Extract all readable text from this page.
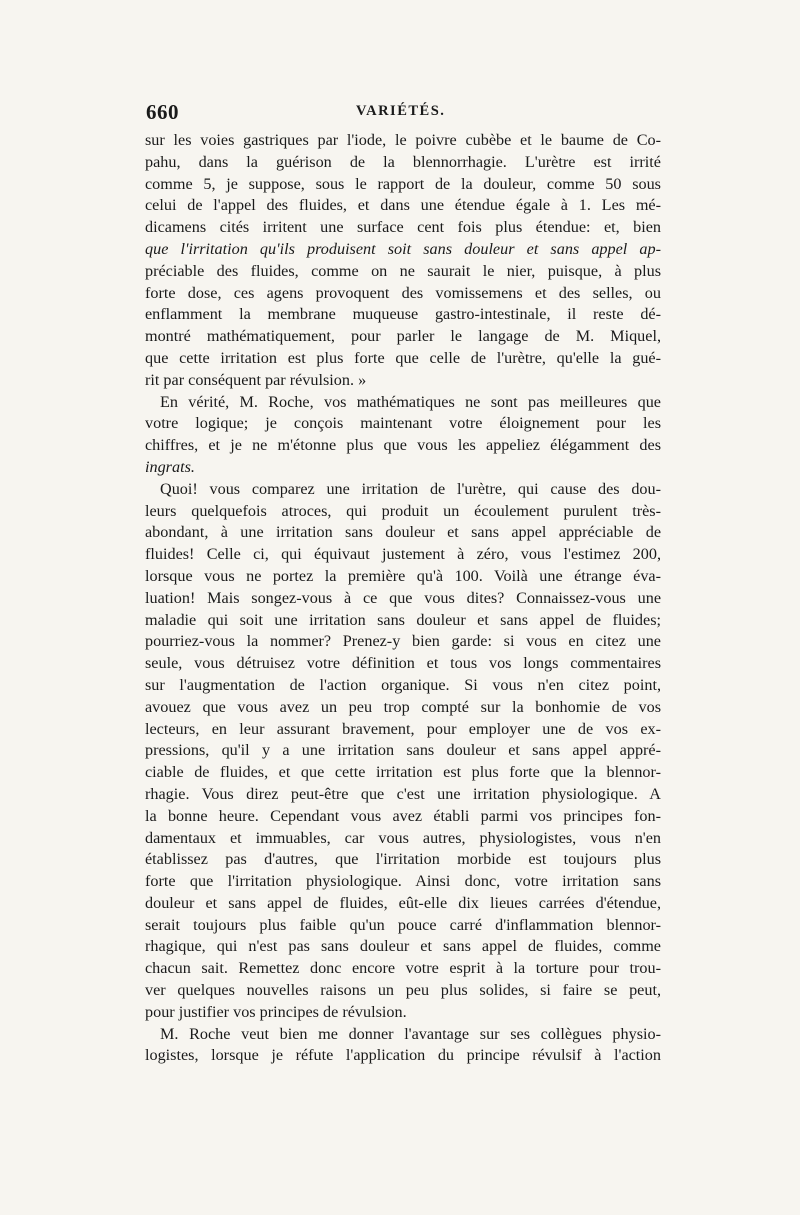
660	VARIÉTÉS.
sur les voies gastriques par l'iode, le poivre cubèbe et le baume de Co-
pahu, dans la guérison de la blennorrhagie. L'urètre est irrité
comme 5, je suppose, sous le rapport de la douleur, comme 50 sous
celui de l'appel des fluides, et dans une étendue égale à 1. Les mé-
dicamens cités irritent une surface cent fois plus étendue: et, bien
que l'irritation qu'ils produisent soit sans douleur et sans appel ap-
préciable des fluides, comme on ne saurait le nier, puisque, à plus
forte dose, ces agens provoquent des vomissemens et des selles, ou
enflamment la membrane muqueuse gastro-intestinale, il reste dé-
montré mathématiquement, pour parler le langage de M. Miquel,
que cette irritation est plus forte que celle de l'urètre, qu'elle la gué-
rit par conséquent par révulsion. »
En vérité, M. Roche, vos mathématiques ne sont pas meilleures que
votre logique; je conçois maintenant votre éloignement pour les
chiffres, et je ne m'étonne plus que vous les appeliez élégamment des
ingrats.
Quoi! vous comparez une irritation de l'urètre, qui cause des dou-
leurs quelquefois atroces, qui produit un écoulement purulent très-
abondant, à une irritation sans douleur et sans appel appréciable de
fluides! Celle ci, qui équivaut justement à zéro, vous l'estimez 200,
lorsque vous ne portez la première qu'à 100. Voilà une étrange éva-
luation! Mais songez-vous à ce que vous dites? Connaissez-vous une
maladie qui soit une irritation sans douleur et sans appel de fluides;
pourriez-vous la nommer? Prenez-y bien garde: si vous en citez une
seule, vous détruisez votre définition et tous vos longs commentaires
sur l'augmentation de l'action organique. Si vous n'en citez point,
avouez que vous avez un peu trop compté sur la bonhomie de vos
lecteurs, en leur assurant bravement, pour employer une de vos ex-
pressions, qu'il y a une irritation sans douleur et sans appel appré-
ciable de fluides, et que cette irritation est plus forte que la blennor-
rhagie. Vous direz peut-être que c'est une irritation physiologique. A
la bonne heure. Cependant vous avez établi parmi vos principes fon-
damentaux et immuables, car vous autres, physiologistes, vous n'en
établissez pas d'autres, que l'irritation morbide est toujours plus
forte que l'irritation physiologique. Ainsi donc, votre irritation sans
douleur et sans appel de fluides, eût-elle dix lieues carrées d'étendue,
serait toujours plus faible qu'un pouce carré d'inflammation blennor-
rhagique, qui n'est pas sans douleur et sans appel de fluides, comme
chacun sait. Remettez donc encore votre esprit à la torture pour trou-
ver quelques nouvelles raisons un peu plus solides, si faire se peut,
pour justifier vos principes de révulsion.
M. Roche veut bien me donner l'avantage sur ses collègues physio-
logistes, lorsque je réfute l'application du principe révulsif à l'action
